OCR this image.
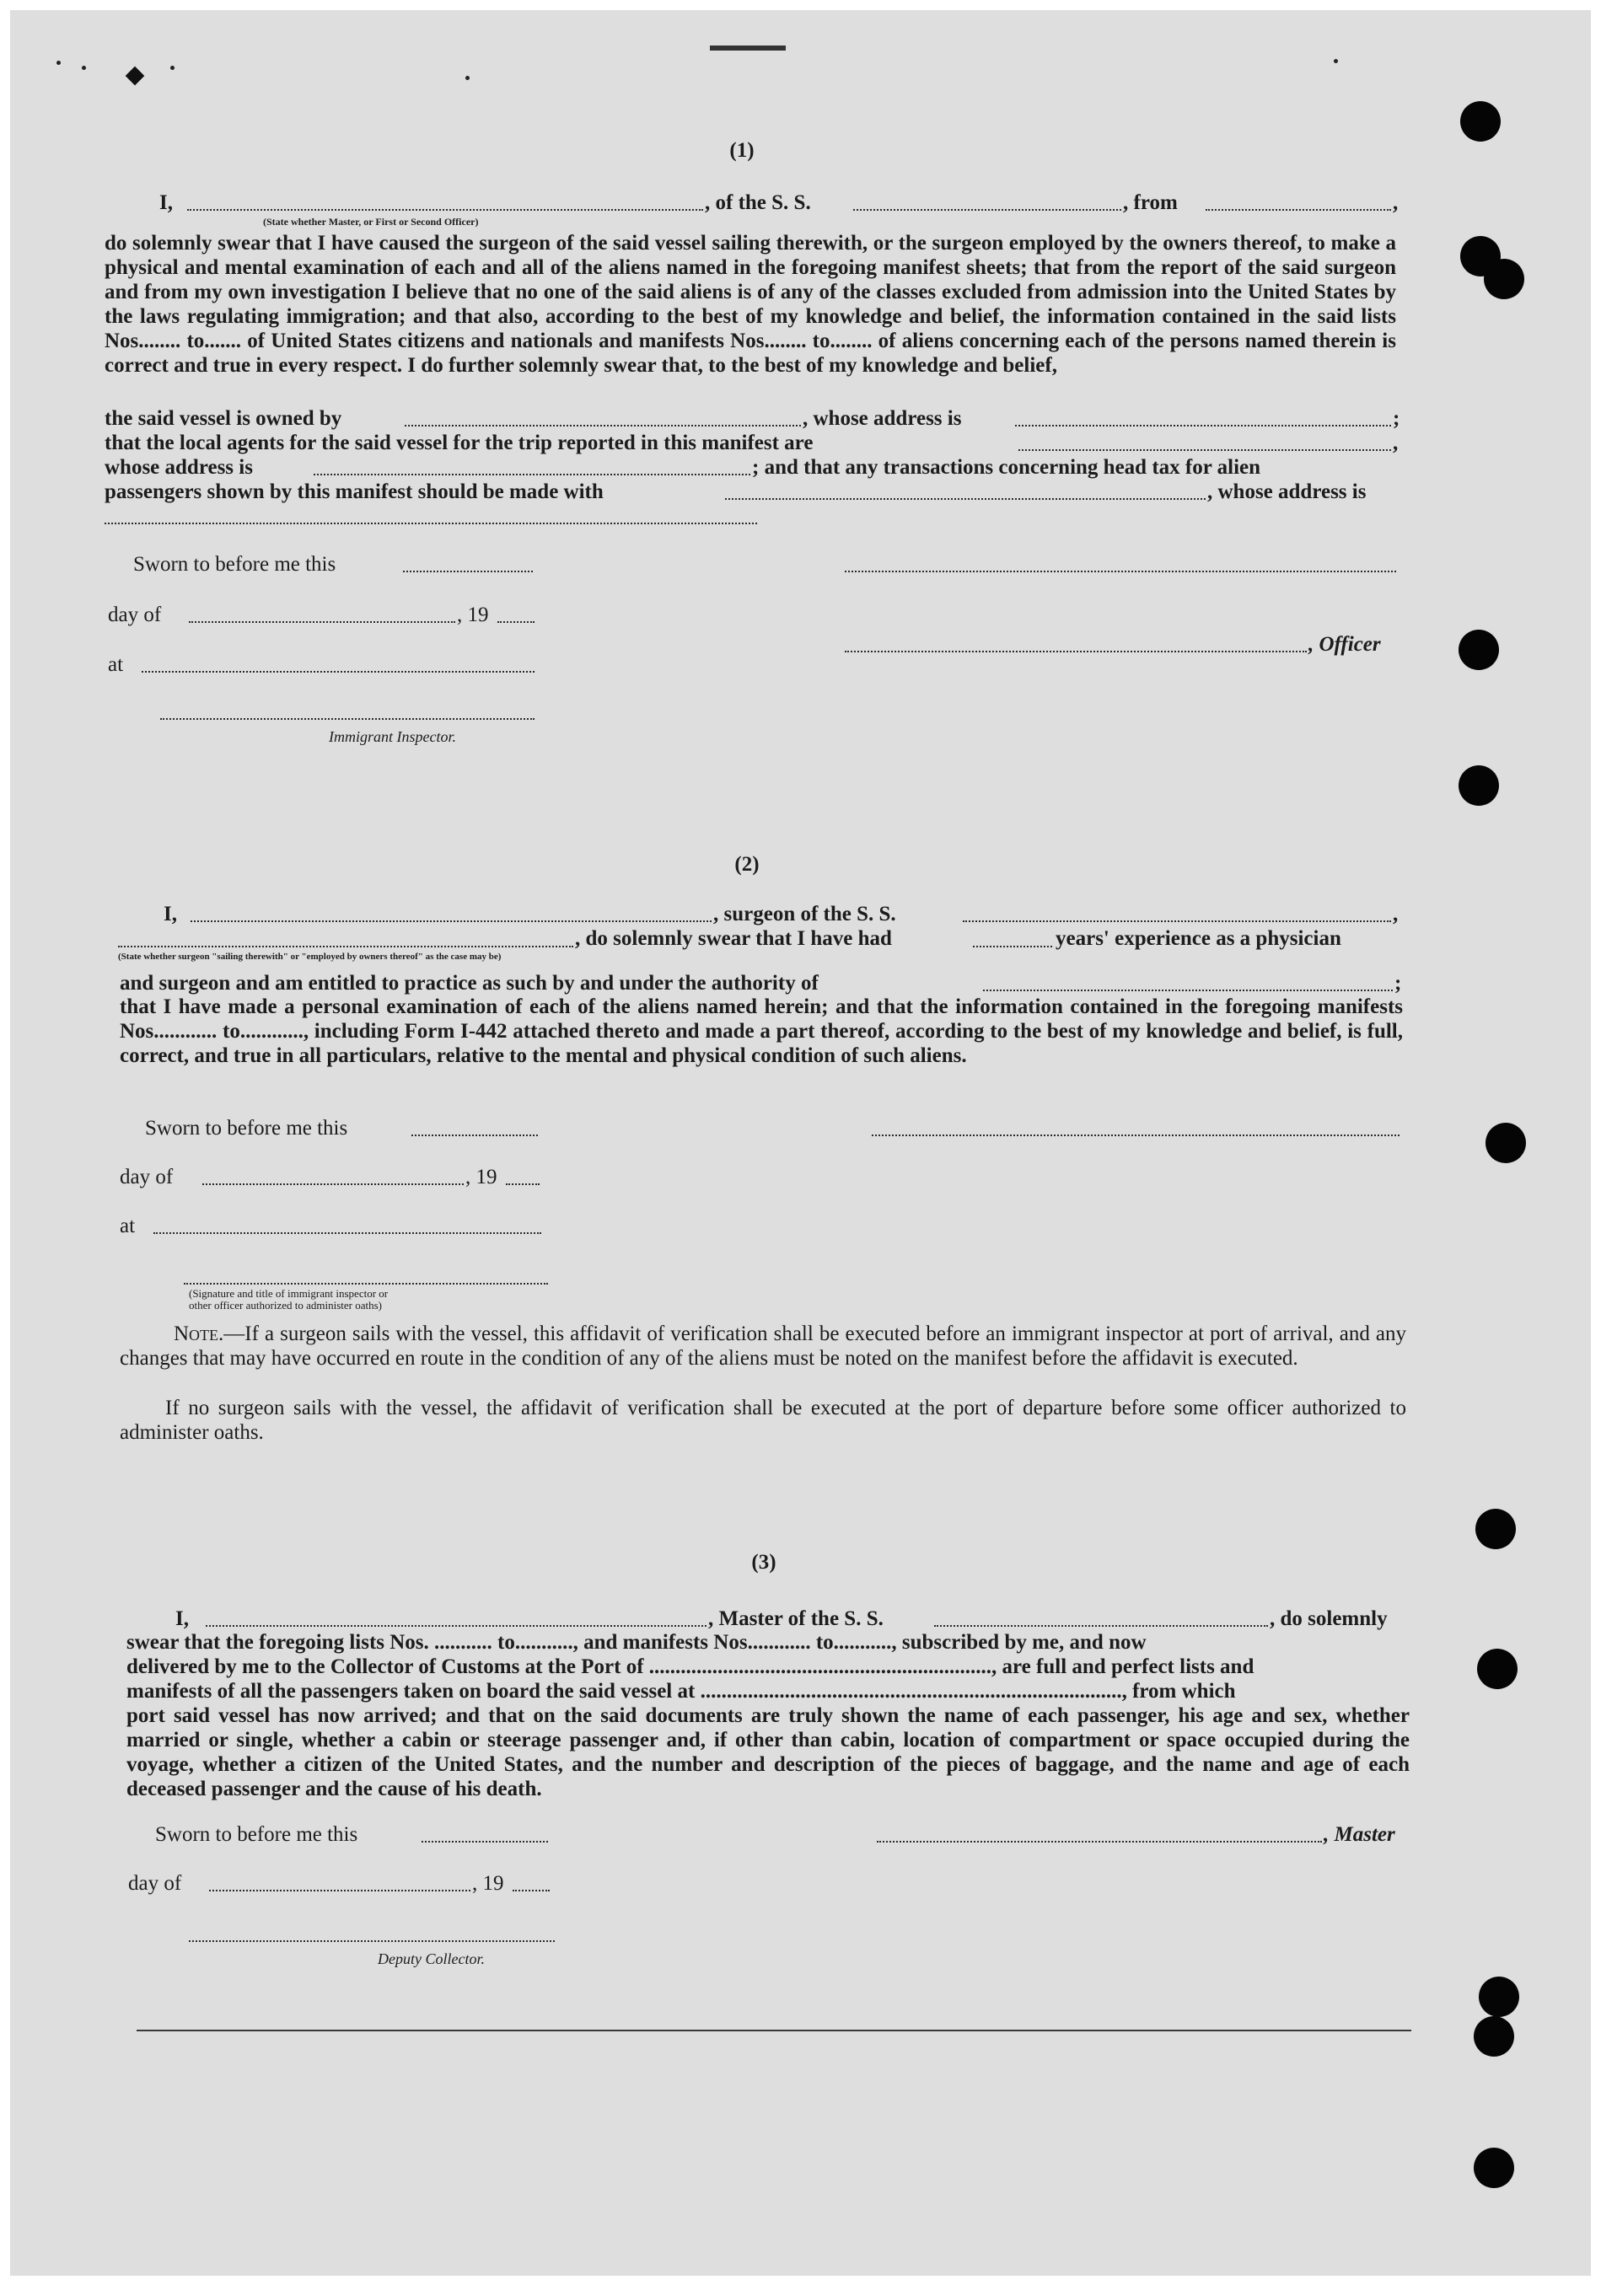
(1)
I,	, of the S. S.	, from	,
(State whether Master, or First or Second Officer)
do solemnly swear that I have caused the surgeon of the said vessel sailing therewith, or the surgeon employed by the owners thereof, to make a physical and mental examination of each and all of the aliens named in the foregoing manifest sheets; that from the report of the said surgeon and from my own investigation I believe that no one of the said aliens is of any of the classes excluded from admission into the United States by the laws regulating immigration; and that also, according to the best of my knowledge and belief, the information contained in the said lists Nos........ to....... of United States citizens and nationals and manifests Nos........ to........ of aliens concerning each of the persons named therein is correct and true in every respect. I do further solemnly swear that, to the best of my knowledge and belief,
the said vessel is owned by	, whose address is	;
that the local agents for the said vessel for the trip reported in this manifest are	,
whose address is	; and that any transactions concerning head tax for alien
passengers shown by this manifest should be made with	, whose address is
Sworn to before me this
day of	, 19
, Officer
at
Immigrant Inspector.
(2)
I,	, surgeon of the S. S.	,
, do solemnly swear that I have had	years' experience as a physician
(State whether surgeon "sailing therewith" or "employed by owners thereof" as the case may be)
and surgeon and am entitled to practice as such by and under the authority of	;
that I have made a personal examination of each of the aliens named herein; and that the information contained in the foregoing manifests Nos............ to............, including Form I-442 attached thereto and made a part thereof, according to the best of my knowledge and belief, is full, correct, and true in all particulars, relative to the mental and physical condition of such aliens.
Sworn to before me this
day of	, 19
at
(Signature and title of immigrant inspector or
other officer authorized to administer oaths)
Note.—If a surgeon sails with the vessel, this affidavit of verification shall be executed before an immigrant inspector at port of arrival, and any changes that may have occurred en route in the condition of any of the aliens must be noted on the manifest before the affidavit is executed.
If no surgeon sails with the vessel, the affidavit of verification shall be executed at the port of departure before some officer authorized to administer oaths.
(3)
I,	, Master of the S. S.	, do solemnly
swear that the foregoing lists Nos. ........... to..........., and manifests Nos............ to..........., subscribed by me, and now
delivered by me to the Collector of Customs at the Port of ................................................................., are full and perfect lists and
manifests of all the passengers taken on board the said vessel at ................................................................................, from which
port said vessel has now arrived; and that on the said documents are truly shown the name of each passenger, his age and sex, whether married or single, whether a cabin or steerage passenger and, if other than cabin, location of compartment or space occupied during the voyage, whether a citizen of the United States, and the number and description of the pieces of baggage, and the name and age of each deceased passenger and the cause of his death.
Sworn to before me this	, Master
day of	, 19
Deputy Collector.
